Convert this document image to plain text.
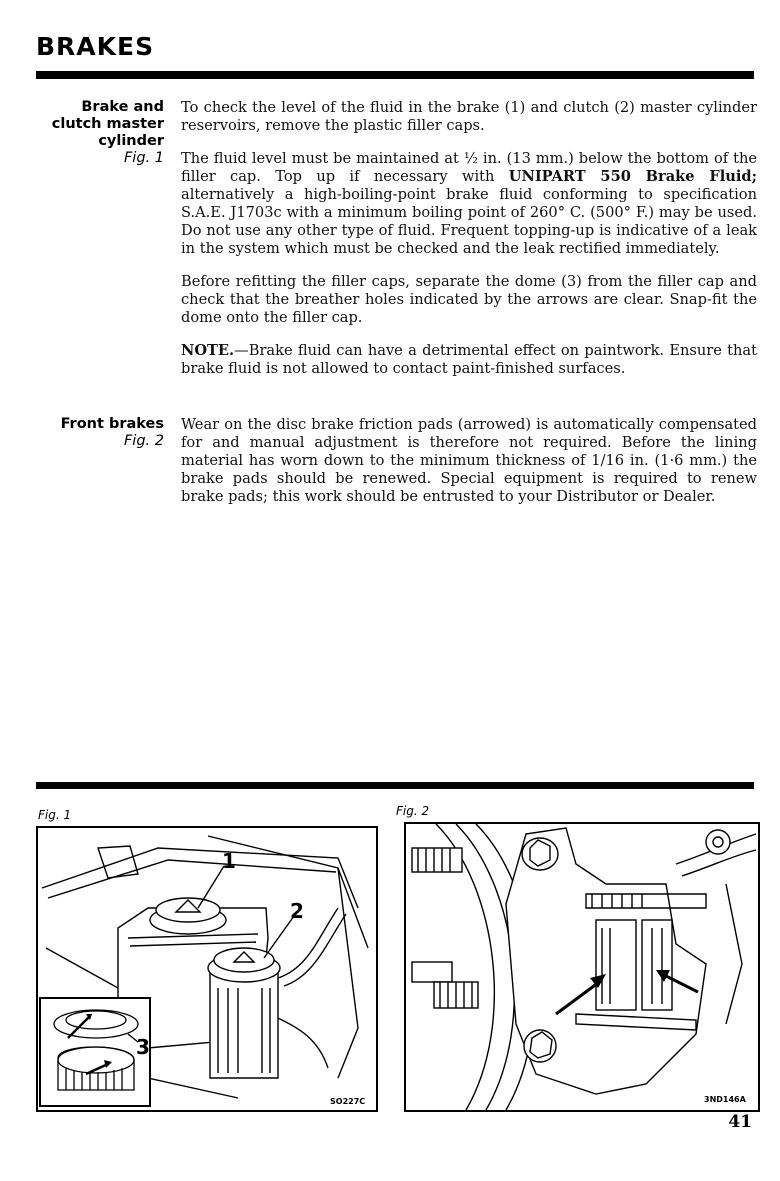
BRAKES
Brake and
clutch master
cylinder
Fig. 1

To check the level of the fluid in the brake (1) and clutch (2) master cylinder reservoirs, remove the plastic filler caps.

The fluid level must be maintained at ½ in. (13 mm.) below the bottom of the filler cap. Top up if necessary with UNIPART 550 Brake Fluid; alternatively a high-boiling-point brake fluid conforming to specification S.A.E. J1703c with a minimum boiling point of 260° C. (500° F.) may be used. Do not use any other type of fluid. Frequent topping-up is indicative of a leak in the system which must be checked and the leak rectified immediately.

Before refitting the filler caps, separate the dome (3) from the filler cap and check that the breather holes indicated by the arrows are clear. Snap-fit the dome onto the filler cap.

NOTE.—Brake fluid can have a detrimental effect on paintwork. Ensure that brake fluid is not allowed to contact paint-finished surfaces.

Front brakes
Fig. 2

Wear on the disc brake friction pads (arrowed) is automatically compensated for and manual adjustment is therefore not required. Before the lining material has worn down to the minimum thickness of 1/16 in. (1·6 mm.) the brake pads should be renewed. Special equipment is required to renew brake pads; this work should be entrusted to your Distributor or Dealer.

Fig. 1
1
2
3
SO227C
Fig. 2
3ND146A
41
